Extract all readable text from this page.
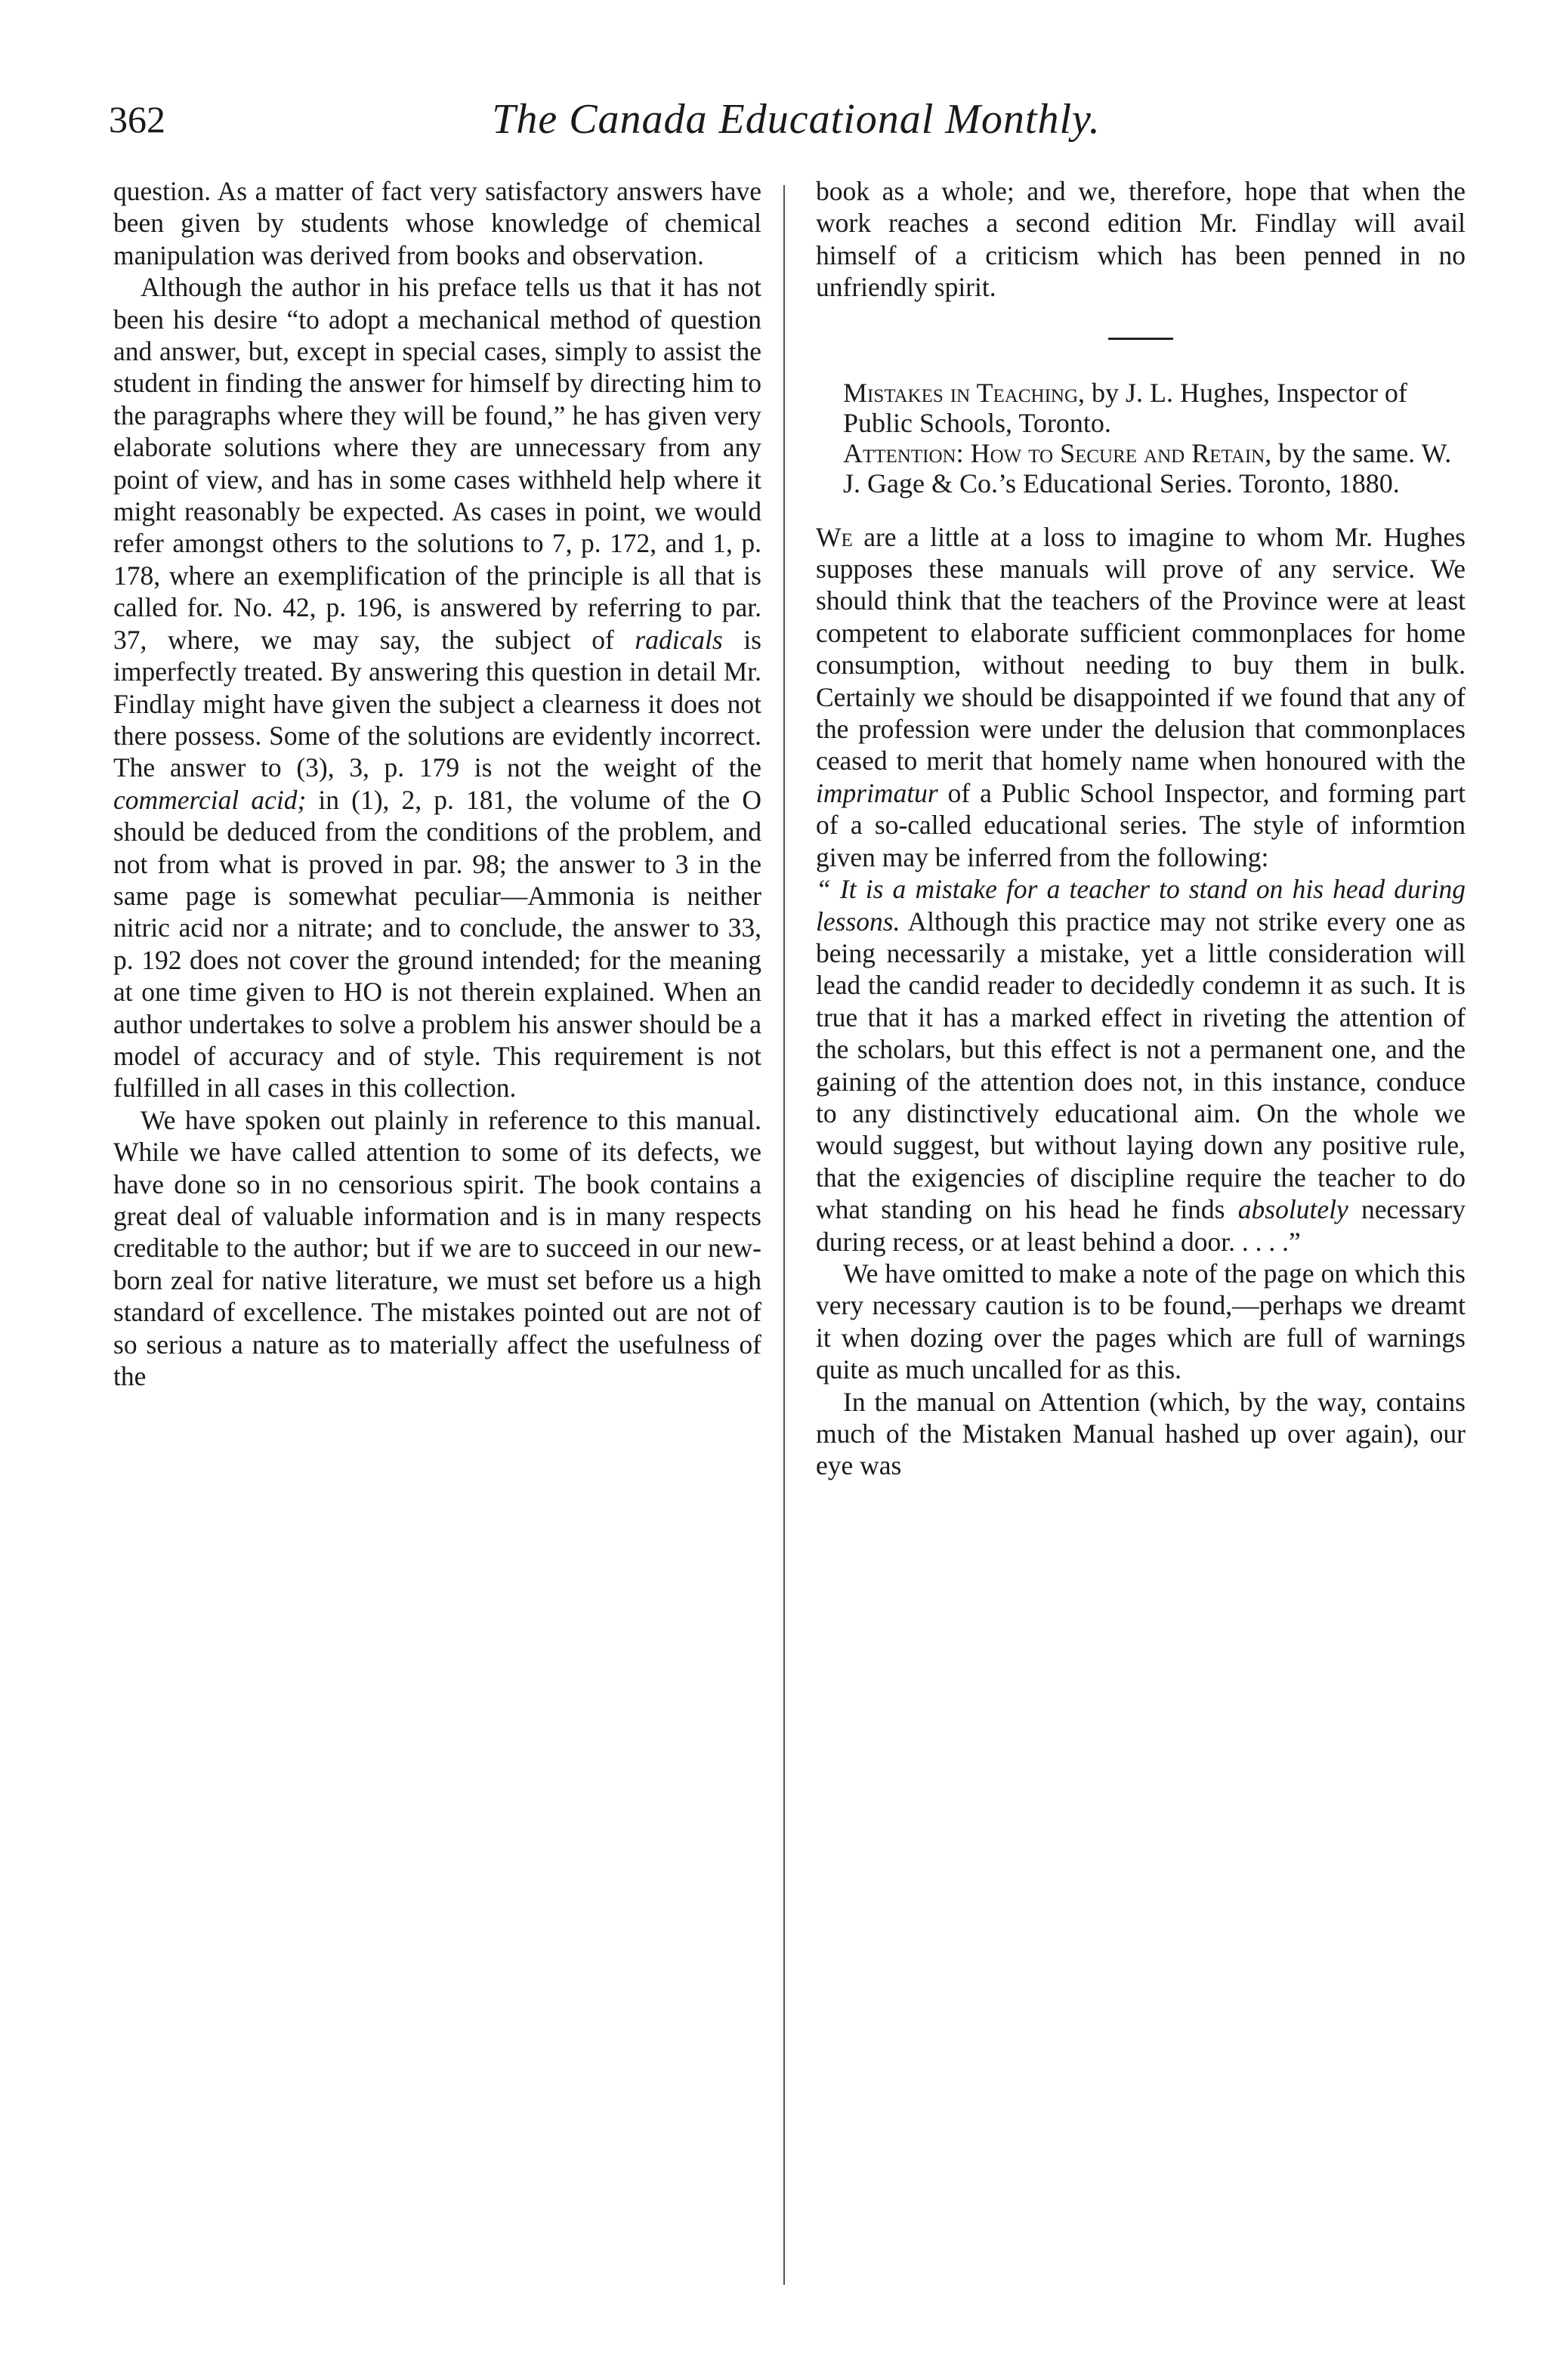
362	The Canada Educational Monthly.

question. As a matter of fact very satisfactory answers have been given by students whose knowledge of chemical manipulation was derived from books and observation.

Although the author in his preface tells us that it has not been his desire “to adopt a mechanical method of question and answer, but, except in special cases, simply to assist the student in finding the answer for himself by directing him to the paragraphs where they will be found,” he has given very elaborate solutions where they are unnecessary from any point of view, and has in some cases withheld help where it might reasonably be expected. As cases in point, we would refer amongst others to the solutions to 7, p. 172, and 1, p. 178, where an exemplification of the principle is all that is called for. No. 42, p. 196, is answered by referring to par. 37, where, we may say, the subject of radicals is imperfectly treated. By answering this question in detail Mr. Findlay might have given the subject a clearness it does not there possess. Some of the solutions are evidently incorrect. The answer to (3), 3, p. 179 is not the weight of the commercial acid; in (1), 2, p. 181, the volume of the O should be deduced from the conditions of the problem, and not from what is proved in par. 98; the answer to 3 in the same page is somewhat peculiar—Ammonia is neither nitric acid nor a nitrate; and to conclude, the answer to 33, p. 192 does not cover the ground intended; for the meaning at one time given to HO is not therein explained. When an author undertakes to solve a problem his answer should be a model of accuracy and of style. This requirement is not fulfilled in all cases in this collection.

We have spoken out plainly in reference to this manual. While we have called attention to some of its defects, we have done so in no censorious spirit. The book contains a great deal of valuable information and is in many respects creditable to the author; but if we are to succeed in our new-born zeal for native literature, we must set before us a high standard of excellence. The mistakes pointed out are not of so serious a nature as to materially affect the usefulness of the

book as a whole; and we, therefore, hope that when the work reaches a second edition Mr. Findlay will avail himself of a criticism which has been penned in no unfriendly spirit.

Mistakes in Teaching, by J. L. Hughes, Inspector of Public Schools, Toronto.

Attention: How to Secure and Retain, by the same. W. J. Gage & Co.’s Educational Series. Toronto, 1880.

We are a little at a loss to imagine to whom Mr. Hughes supposes these manuals will prove of any service. We should think that the teachers of the Province were at least competent to elaborate sufficient commonplaces for home consumption, without needing to buy them in bulk. Certainly we should be disappointed if we found that any of the profession were under the delusion that commonplaces ceased to merit that homely name when honoured with the imprimatur of a Public School Inspector, and forming part of a so-called educational series. The style of informtion given may be inferred from the following:

“ It is a mistake for a teacher to stand on his head during lessons. Although this practice may not strike every one as being necessarily a mistake, yet a little consideration will lead the candid reader to decidedly condemn it as such. It is true that it has a marked effect in riveting the attention of the scholars, but this effect is not a permanent one, and the gaining of the attention does not, in this instance, conduce to any distinctively educational aim. On the whole we would suggest, but without laying down any positive rule, that the exigencies of discipline require the teacher to do what standing on his head he finds absolutely necessary during recess, or at least behind a door. . . . .”

We have omitted to make a note of the page on which this very necessary caution is to be found,—perhaps we dreamt it when dozing over the pages which are full of warnings quite as much uncalled for as this.

In the manual on Attention (which, by the way, contains much of the Mistaken Manual hashed up over again), our eye was
